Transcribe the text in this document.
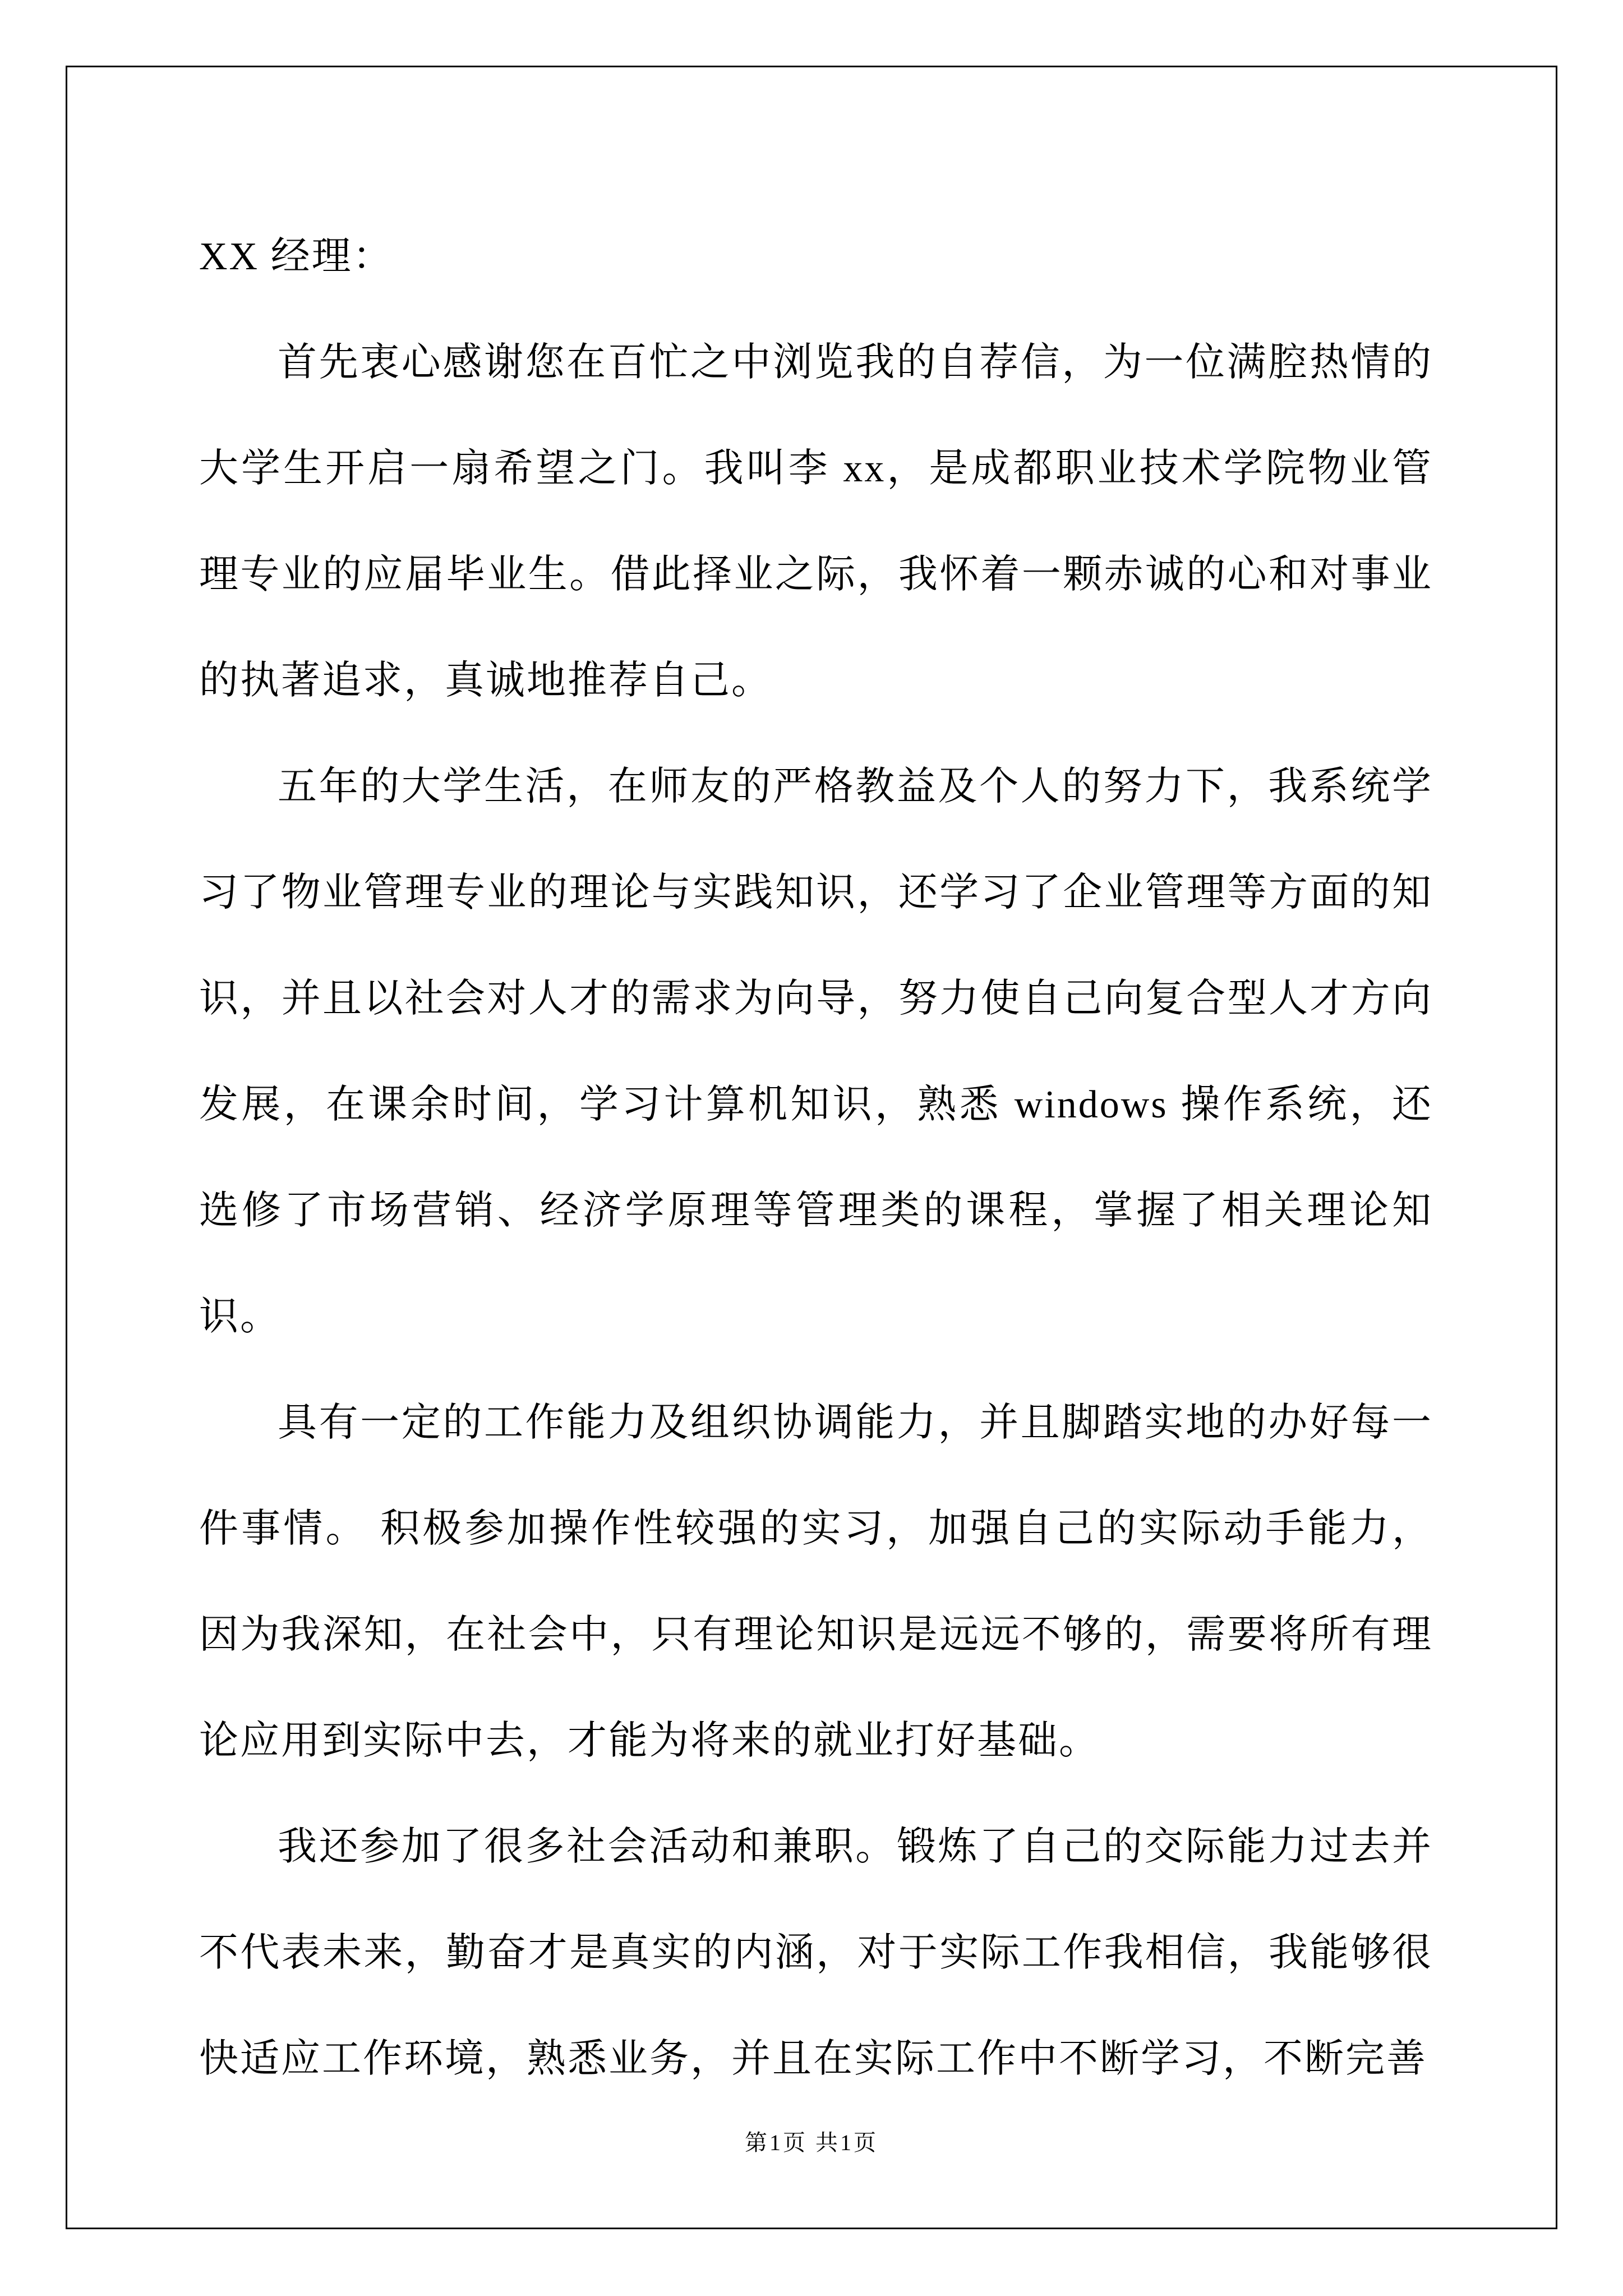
XX 经理：

首先衷心感谢您在百忙之中浏览我的自荐信，为一位满腔热情的大学生开启一扇希望之门。我叫李 xx，是成都职业技术学院物业管理专业的应届毕业生。借此择业之际，我怀着一颗赤诚的心和对事业的执著追求，真诚地推荐自己。

五年的大学生活，在师友的严格教益及个人的努力下，我系统学习了物业管理专业的理论与实践知识，还学习了企业管理等方面的知识，并且以社会对人才的需求为向导，努力使自己向复合型人才方向发展，在课余时间，学习计算机知识，熟悉 windows 操作系统，还选修了市场营销、经济学原理等管理类的课程，掌握了相关理论知识。

具有一定的工作能力及组织协调能力，并且脚踏实地的办好每一件事情。 积极参加操作性较强的实习，加强自己的实际动手能力，因为我深知，在社会中，只有理论知识是远远不够的，需要将所有理论应用到实际中去，才能为将来的就业打好基础。

我还参加了很多社会活动和兼职。锻炼了自己的交际能力过去并不代表未来，勤奋才是真实的内涵，对于实际工作我相信，我能够很快适应工作环境，熟悉业务，并且在实际工作中不断学习，不断完善

第1页 共1页
